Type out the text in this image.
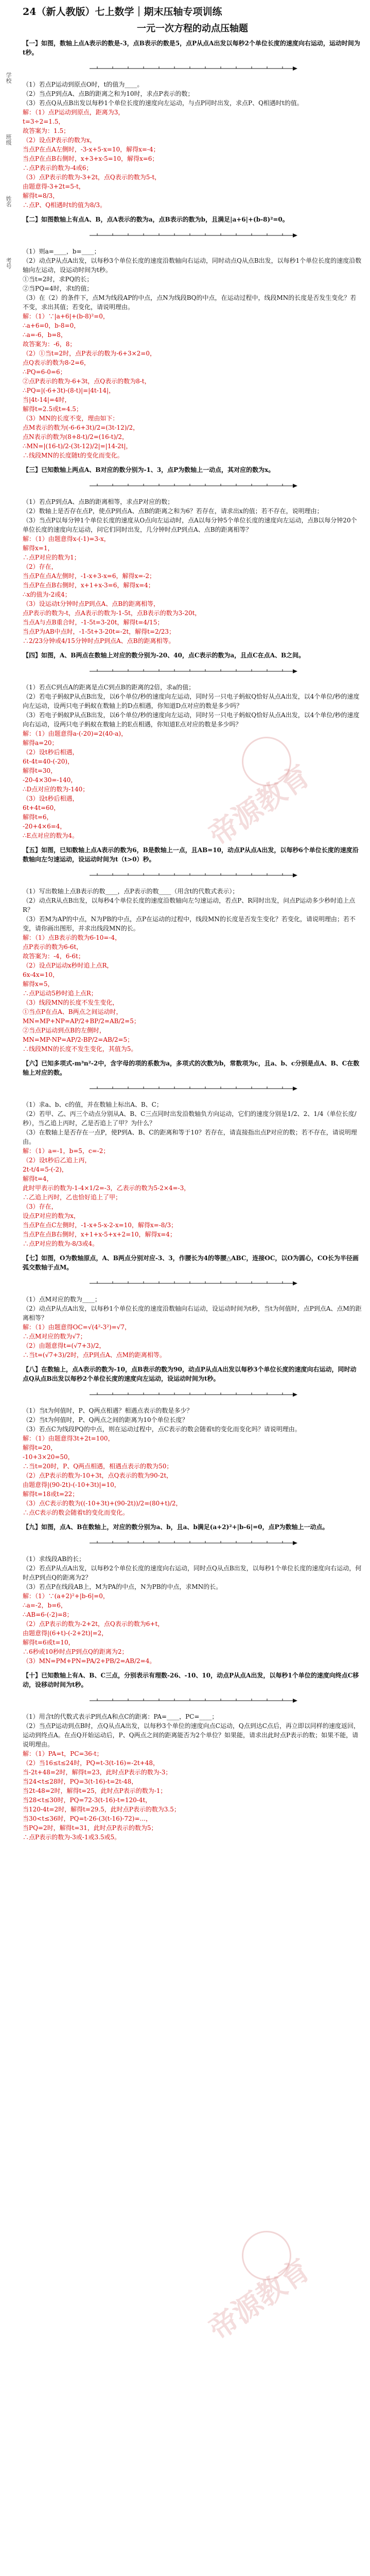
学校
班级
姓名
考号
24（新人教版）七上数学｜期末压轴专项训练
一元一次方程的动点压轴题

【一】如图，数轴上点A表示的数是-3，点B表示的数是5，点P从点A出发以每秒2个单位长度的速度向右运动，运动时间为t秒。

（1）若点P运动到原点O时，t的值为____。

（2）当点P到点A、点B的距离之和为10时，求点P表示的数；

（3）若点Q从点B出发以每秒1个单位长度的速度向左运动，与点P同时出发，求点P、Q相遇时t的值。

解：（1）点P运动到原点，距离为3，

t=3÷2=1.5，

故答案为：1.5；

（2）设点P表示的数为x，

当点P在点A左侧时，-3-x+5-x=10，解得x=-4；

当点P在点B右侧时，x+3+x-5=10，解得x=6；

∴点P表示的数为-4或6；

（3）点P表示的数为-3+2t，点Q表示的数为5-t，

由题意得-3+2t=5-t，

解得t=8/3，

∴点P、Q相遇时t的值为8/3。

【二】如图数轴上有点A、B，点A表示的数为a，点B表示的数为b，且满足|a+6|+(b-8)²=0。

（1）则a=____，b=____；

（2）动点P从点A出发，以每秒3个单位长度的速度沿数轴向右运动，同时动点Q从点B出发，以每秒1个单位长度的速度沿数轴向左运动，设运动时间为t秒。

①当t=2时，求PQ的长；

②当PQ=4时，求t的值；

（3）在（2）的条件下，点M为线段AP的中点，点N为线段BQ的中点，在运动过程中，线段MN的长度是否发生变化？若不变，求出其值；若变化，请说明理由。

解：（1）∵|a+6|+(b-8)²=0，

∴a+6=0，b-8=0，

∴a=-6，b=8，

故答案为：-6，8；

（2）①当t=2时，点P表示的数为-6+3×2=0，

点Q表示的数为8-2=6，

∴PQ=6-0=6；

②点P表示的数为-6+3t，点Q表示的数为8-t，

∴PQ=|(-6+3t)-(8-t)|=|4t-14|，

当|4t-14|=4时，

解得t=2.5或t=4.5；

（3）MN的长度不变，理由如下：

点M表示的数为(-6-6+3t)/2=(3t-12)/2，

点N表示的数为(8+8-t)/2=(16-t)/2，

∴MN=|(16-t)/2-(3t-12)/2|=|14-2t|，

∴线段MN的长度随t的变化而变化。

【三】已知数轴上两点A、B对应的数分别为-1、3，点P为数轴上一动点，其对应的数为x。

（1）若点P到点A、点B的距离相等，求点P对应的数；

（2）数轴上是否存在点P，使点P到点A、点B的距离之和为6？若存在，请求出x的值；若不存在，说明理由；

（3）当点P以每分钟1个单位长度的速度从O点向左运动时，点A以每分钟5个单位长度的速度向左运动，点B以每分钟20个单位长度的速度向左运动，问它们同时出发，几分钟时点P到点A、点B的距离相等？

解：（1）由题意得x-(-1)=3-x，

解得x=1，

∴点P对应的数为1；

（2）存在，

当点P在点A左侧时，-1-x+3-x=6，解得x=-2；

当点P在点B右侧时，x+1+x-3=6，解得x=4；

∴x的值为-2或4；

（3）设运动t分钟时点P到点A、点B的距离相等，

点P表示的数为-t，点A表示的数为-1-5t，点B表示的数为3-20t，

当点A与点B重合时，-1-5t=3-20t，解得t=4/15；

当点P为AB中点时，-1-5t+3-20t=-2t，解得t=2/23；

∴2/23分钟或4/15分钟时点P到点A、点B的距离相等。

【四】如图，A、B两点在数轴上对应的数分别为-20、40，点C表示的数为a，且点C在点A、B之间。

（1）若点C到点A的距离是点C到点B的距离的2倍，求a的值；

（2）若电子蚂蚁P从点B出发，以6个单位/秒的速度向左运动，同时另一只电子蚂蚁Q恰好从点A出发，以4个单位/秒的速度向左运动，设两只电子蚂蚁在数轴上的D点相遇，你知道D点对应的数是多少吗？

（3）若电子蚂蚁P从点B出发，以6个单位/秒的速度向左运动，同时另一只电子蚂蚁Q恰好从点A出发，以4个单位/秒的速度向右运动，设两只电子蚂蚁在数轴上的E点相遇，你知道E点对应的数是多少吗？

解：（1）由题意得a-(-20)=2(40-a)，

解得a=20；

（2）设t秒后相遇，

6t-4t=40-(-20)，

解得t=30，

-20-4×30=-140，

∴D点对应的数为-140；

（3）设t秒后相遇，

6t+4t=60，

解得t=6，

-20+4×6=4，

∴E点对应的数为4。

【五】如图，已知数轴上点A表示的数为6，B是数轴上一点，且AB=10，动点P从点A出发，以每秒6个单位长度的速度沿数轴向左匀速运动，设运动时间为t（t>0）秒。

（1）写出数轴上点B表示的数____，点P表示的数____（用含t的代数式表示）；

（2）动点R从点B出发，以每秒4个单位长度的速度沿数轴向左匀速运动，若点P、R同时出发，问点P运动多少秒时追上点R？

（3）若M为AP的中点，N为PB的中点，点P在运动的过程中，线段MN的长度是否发生变化？若变化，请说明理由；若不变，请你画出图形，并求出线段MN的长。

解：（1）点B表示的数为6-10=-4，

点P表示的数为6-6t，

故答案为：-4，6-6t；

（2）设点P运动x秒时追上点R，

6x-4x=10，

解得x=5，

∴点P运动5秒时追上点R；

（3）线段MN的长度不发生变化，

①当点P在点A、B两点之间运动时，

MN=MP+NP=AP/2+BP/2=AB/2=5；

②当点P运动到点B的左侧时，

MN=MP-NP=AP/2-BP/2=AB/2=5；

∴线段MN的长度不发生变化，其值为5。

【六】已知多项式-m³n²-2中，含字母的项的系数为a，多项式的次数为b，常数项为c，且a、b、c分别是点A、B、C在数轴上对应的数。

（1）求a、b、c的值，并在数轴上标出A、B、C；

（2）若甲、乙、丙三个动点分别从A、B、C三点同时出发沿数轴负方向运动，它们的速度分别是1/2、2、1/4（单位长度/秒），当乙追上丙时，乙是否追上了甲？为什么？

（3）在数轴上是否存在一点P，使P到A、B、C的距离和等于10？若存在，请直接指出点P对应的数；若不存在，请说明理由。

解：（1）a=-1，b=5，c=-2；

（2）设t秒后乙追上丙，

2t-t/4=5-(-2)，

解得t=4，

此时甲表示的数为-1-4×1/2=-3，乙表示的数为5-2×4=-3，

∴乙追上丙时，乙也恰好追上了甲；

（3）存在，

设点P对应的数为x，

当点P在点C左侧时，-1-x+5-x-2-x=10，解得x=-8/3；

当点P在点B右侧时，x+1+x-5+x+2=10，解得x=4；

∴点P对应的数为-8/3或4。

【七】如图，O为数轴原点，A、B两点分别对应-3、3，作腰长为4的等腰△ABC，连接OC，以O为圆心，CO长为半径画弧交数轴于点M。

（1）点M对应的数为____；

（2）动点P从点A出发，以每秒1个单位长度的速度沿数轴向右运动，设运动时间为t秒，当t为何值时，点P到点A、点M的距离相等？

解：（1）由题意得OC=√(4²-3²)=√7，

∴点M对应的数为√7；

（2）由题意得t=(√7+3)/2，

∴当t=(√7+3)/2时，点P到点A、点M的距离相等。

【八】在数轴上，点A表示的数为-10，点B表示的数为90，动点P从点A出发以每秒3个单位长度的速度向右运动，同时动点Q从点B出发以每秒2个单位长度的速度向左运动，设运动时间为t秒。

（1）当t为何值时，P、Q两点相遇？相遇点表示的数是多少？

（2）当t为何值时，P、Q两点之间的距离为10个单位长度？

（3）若点C为线段PQ的中点，则在运动过程中，点C表示的数会随着t的变化而变化吗？请说明理由。

解：（1）由题意得3t+2t=100，

解得t=20，

-10+3×20=50，

∴当t=20时，P、Q两点相遇，相遇点表示的数为50；

（2）点P表示的数为-10+3t，点Q表示的数为90-2t，

由题意得|(90-2t)-(-10+3t)|=10，

解得t=18或t=22；

（3）点C表示的数为((-10+3t)+(90-2t))/2=(80+t)/2，

∴点C表示的数会随着t的变化而变化。

【九】如图，点A、B在数轴上，对应的数分别为a、b，且a、b满足(a+2)²+|b-6|=0，点P为数轴上一动点。

（1）求线段AB的长；

（2）若点P从点A出发，以每秒2个单位长度的速度向右运动，同时点Q从点B出发，以每秒1个单位长度的速度向右运动，何时点P到点Q的距离为2？

（3）若点P在线段AB上，M为PA的中点，N为PB的中点，求MN的长。

解：（1）∵(a+2)²+|b-6|=0，

∴a=-2，b=6，

∴AB=6-(-2)=8；

（2）点P表示的数为-2+2t，点Q表示的数为6+t，

由题意得|(6+t)-(-2+2t)|=2，

解得t=6或t=10，

∴6秒或10秒时点P到点Q的距离为2；

（3）MN=PM+PN=PA/2+PB/2=AB/2=4。

【十】已知数轴上有A、B、C三点，分别表示有理数-26、-10、10，动点P从点A出发，以每秒1个单位的速度向终点C移动，设移动时间为t秒。

（1）用含t的代数式表示P到点A和点C的距离：PA=____，PC=____；

（2）当点P运动到点B时，点Q从点A出发，以每秒3个单位的速度向点C运动，Q点到达C点后，再立即以同样的速度返回，运动到终点A。在点Q开始运动后，P、Q两点之间的距离能否为2个单位？如果能，请求出此时点P表示的数；如果不能，请说明理由。

解：（1）PA=t，PC=36-t；

（2）当16≤t≤24时，PQ=t-3(t-16)=-2t+48，

当-2t+48=2时，解得t=23，此时点P表示的数为-3；

当24<t≤28时，PQ=3(t-16)-t=2t-48，

当2t-48=2时，解得t=25，此时点P表示的数为-1；

当28<t≤30时，PQ=72-3(t-16)-t=120-4t，

当120-4t=2时，解得t=29.5，此时点P表示的数为3.5；

当30<t≤36时，PQ=t-26-(3(t-16)-72)=...，

当PQ=2时，解得t=31，此时点P表示的数为5；

∴点P表示的数为-3或-1或3.5或5。

帝源教育
帝源教育
